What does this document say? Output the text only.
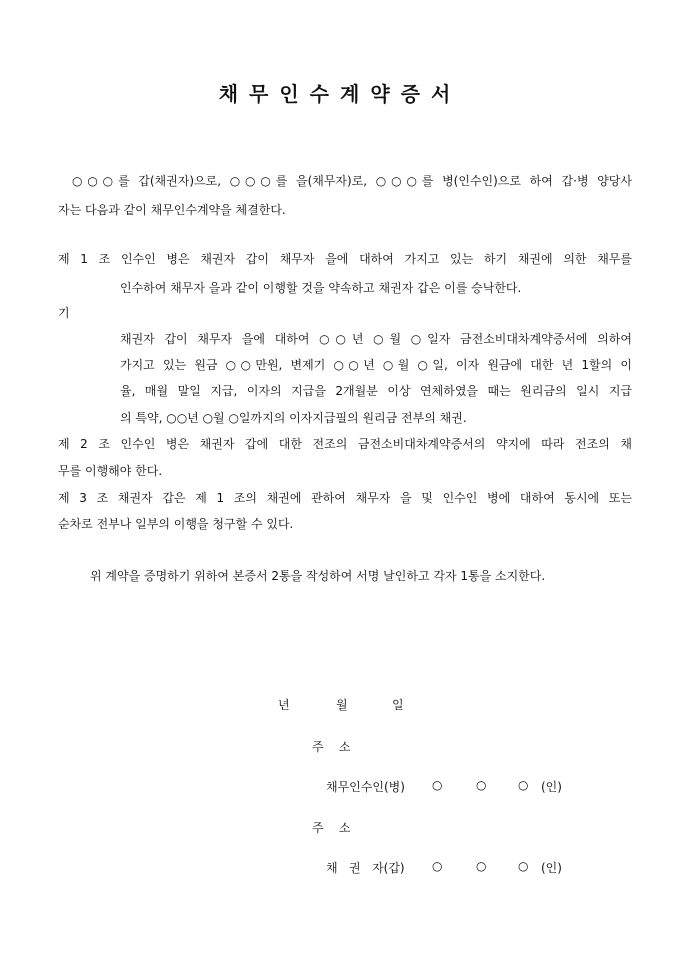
채무인수계약증서

○○○를 갑(채권자)으로, ○○○를 을(채무자)로, ○○○를 병(인수인)으로 하여 갑·병 양당사

자는 다음과 같이 채무인수계약을 체결한다.

제 1 조 인수인 병은 채권자 갑이 채무자 을에 대하여 가지고 있는 하기 채권에 의한 채무를

인수하여 채무자 을과 같이 이행할 것을 약속하고 채권자 갑은 이를 승낙한다.

기

채권자 갑이 채무자 을에 대하여 ○○년 ○월 ○일자 금전소비대차계약증서에 의하여

가지고 있는 원금 ○○만원, 변제기 ○○년 ○월 ○일, 이자 원금에 대한 년 1할의 이

율, 매월 말일 지급, 이자의 지급을 2개월분 이상 연체하였을 때는 원리금의 일시 지급

의 특약, ○○년 ○월 ○일까지의 이자지급필의 원리금 전부의 채권.

제 2 조 인수인 병은 채권자 갑에 대한 전조의 금전소비대차계약증서의 약지에 따라 전조의 채

무를 이행해야 한다.

제 3 조 채권자 갑은 제 1 조의 채권에 관하여 채무자 을 및 인수인 병에 대하여 동시에 또는

순차로 전부나 일부의 이행을 청구할 수 있다.

위 계약을 증명하기 위하여 본증서 2통을 작성하여 서명 날인하고 각자 1통을 소지한다.

년	월	일
주    소
채무인수인(병) ○	○	○ (인)
주    소
채   권   자(갑) ○	○	○ (인)
